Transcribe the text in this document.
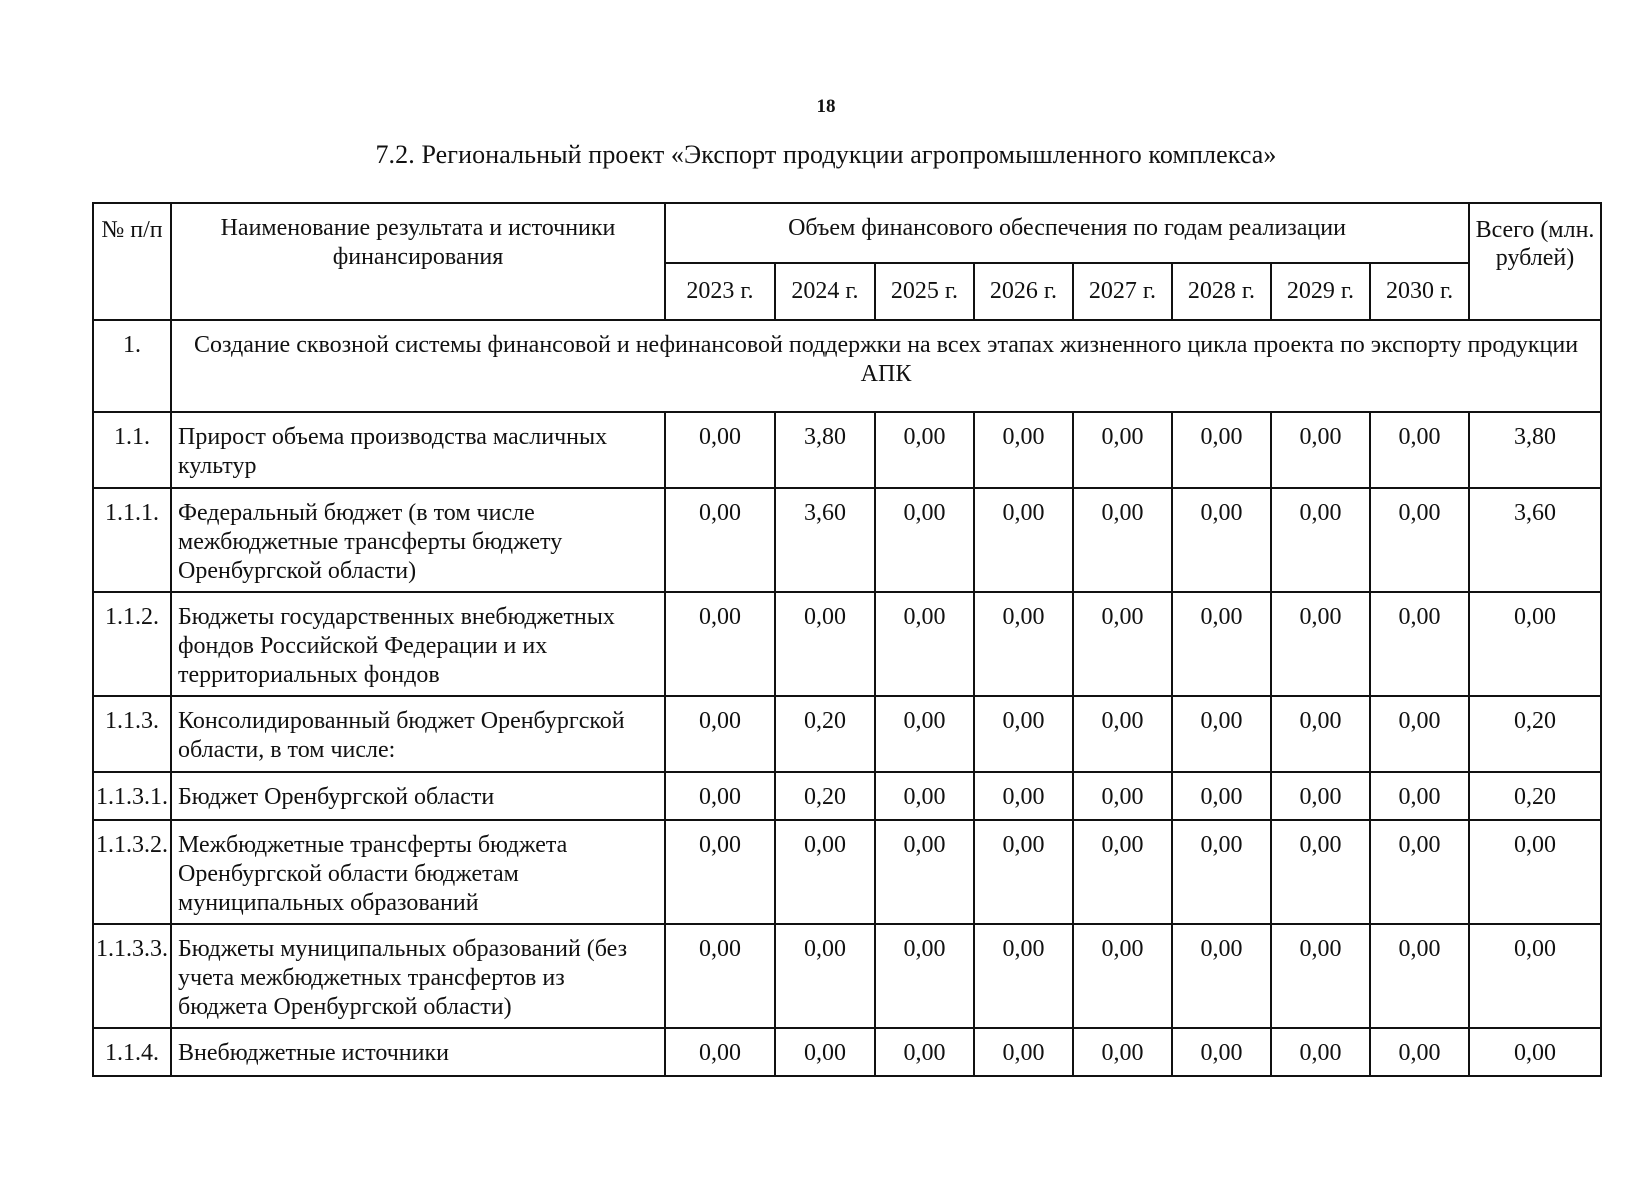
18
7.2. Региональный проект «Экспорт продукции агропромышленного комплекса»
№ п/п	Наименование результата и источники финансирования	Объем финансового обеспечения по годам реализации								Всего (млн. рублей)
		2023 г.	2024 г.	2025 г.	2026 г.	2027 г.	2028 г.	2029 г.	2030 г.	
1.	Создание сквозной системы финансовой и нефинансовой поддержки на всех этапах жизненного цикла проекта по экспорту продукции АПК									
1.1.	Прирост объема производства масличных культур	0,00	3,80	0,00	0,00	0,00	0,00	0,00	0,00	3,80
1.1.1.	Федеральный бюджет (в том числе межбюджетные трансферты бюджету Оренбургской области)	0,00	3,60	0,00	0,00	0,00	0,00	0,00	0,00	3,60
1.1.2.	Бюджеты государственных внебюджетных фондов Российской Федерации и их территориальных фондов	0,00	0,00	0,00	0,00	0,00	0,00	0,00	0,00	0,00
1.1.3.	Консолидированный бюджет Оренбургской области, в том числе:	0,00	0,20	0,00	0,00	0,00	0,00	0,00	0,00	0,20
1.1.3.1.	Бюджет Оренбургской области	0,00	0,20	0,00	0,00	0,00	0,00	0,00	0,00	0,20
1.1.3.2.	Межбюджетные трансферты бюджета Оренбургской области бюджетам муниципальных образований	0,00	0,00	0,00	0,00	0,00	0,00	0,00	0,00	0,00
1.1.3.3.	Бюджеты муниципальных образований (без учета межбюджетных трансфертов из бюджета Оренбургской области)	0,00	0,00	0,00	0,00	0,00	0,00	0,00	0,00	0,00
1.1.4.	Внебюджетные источники	0,00	0,00	0,00	0,00	0,00	0,00	0,00	0,00	0,00
